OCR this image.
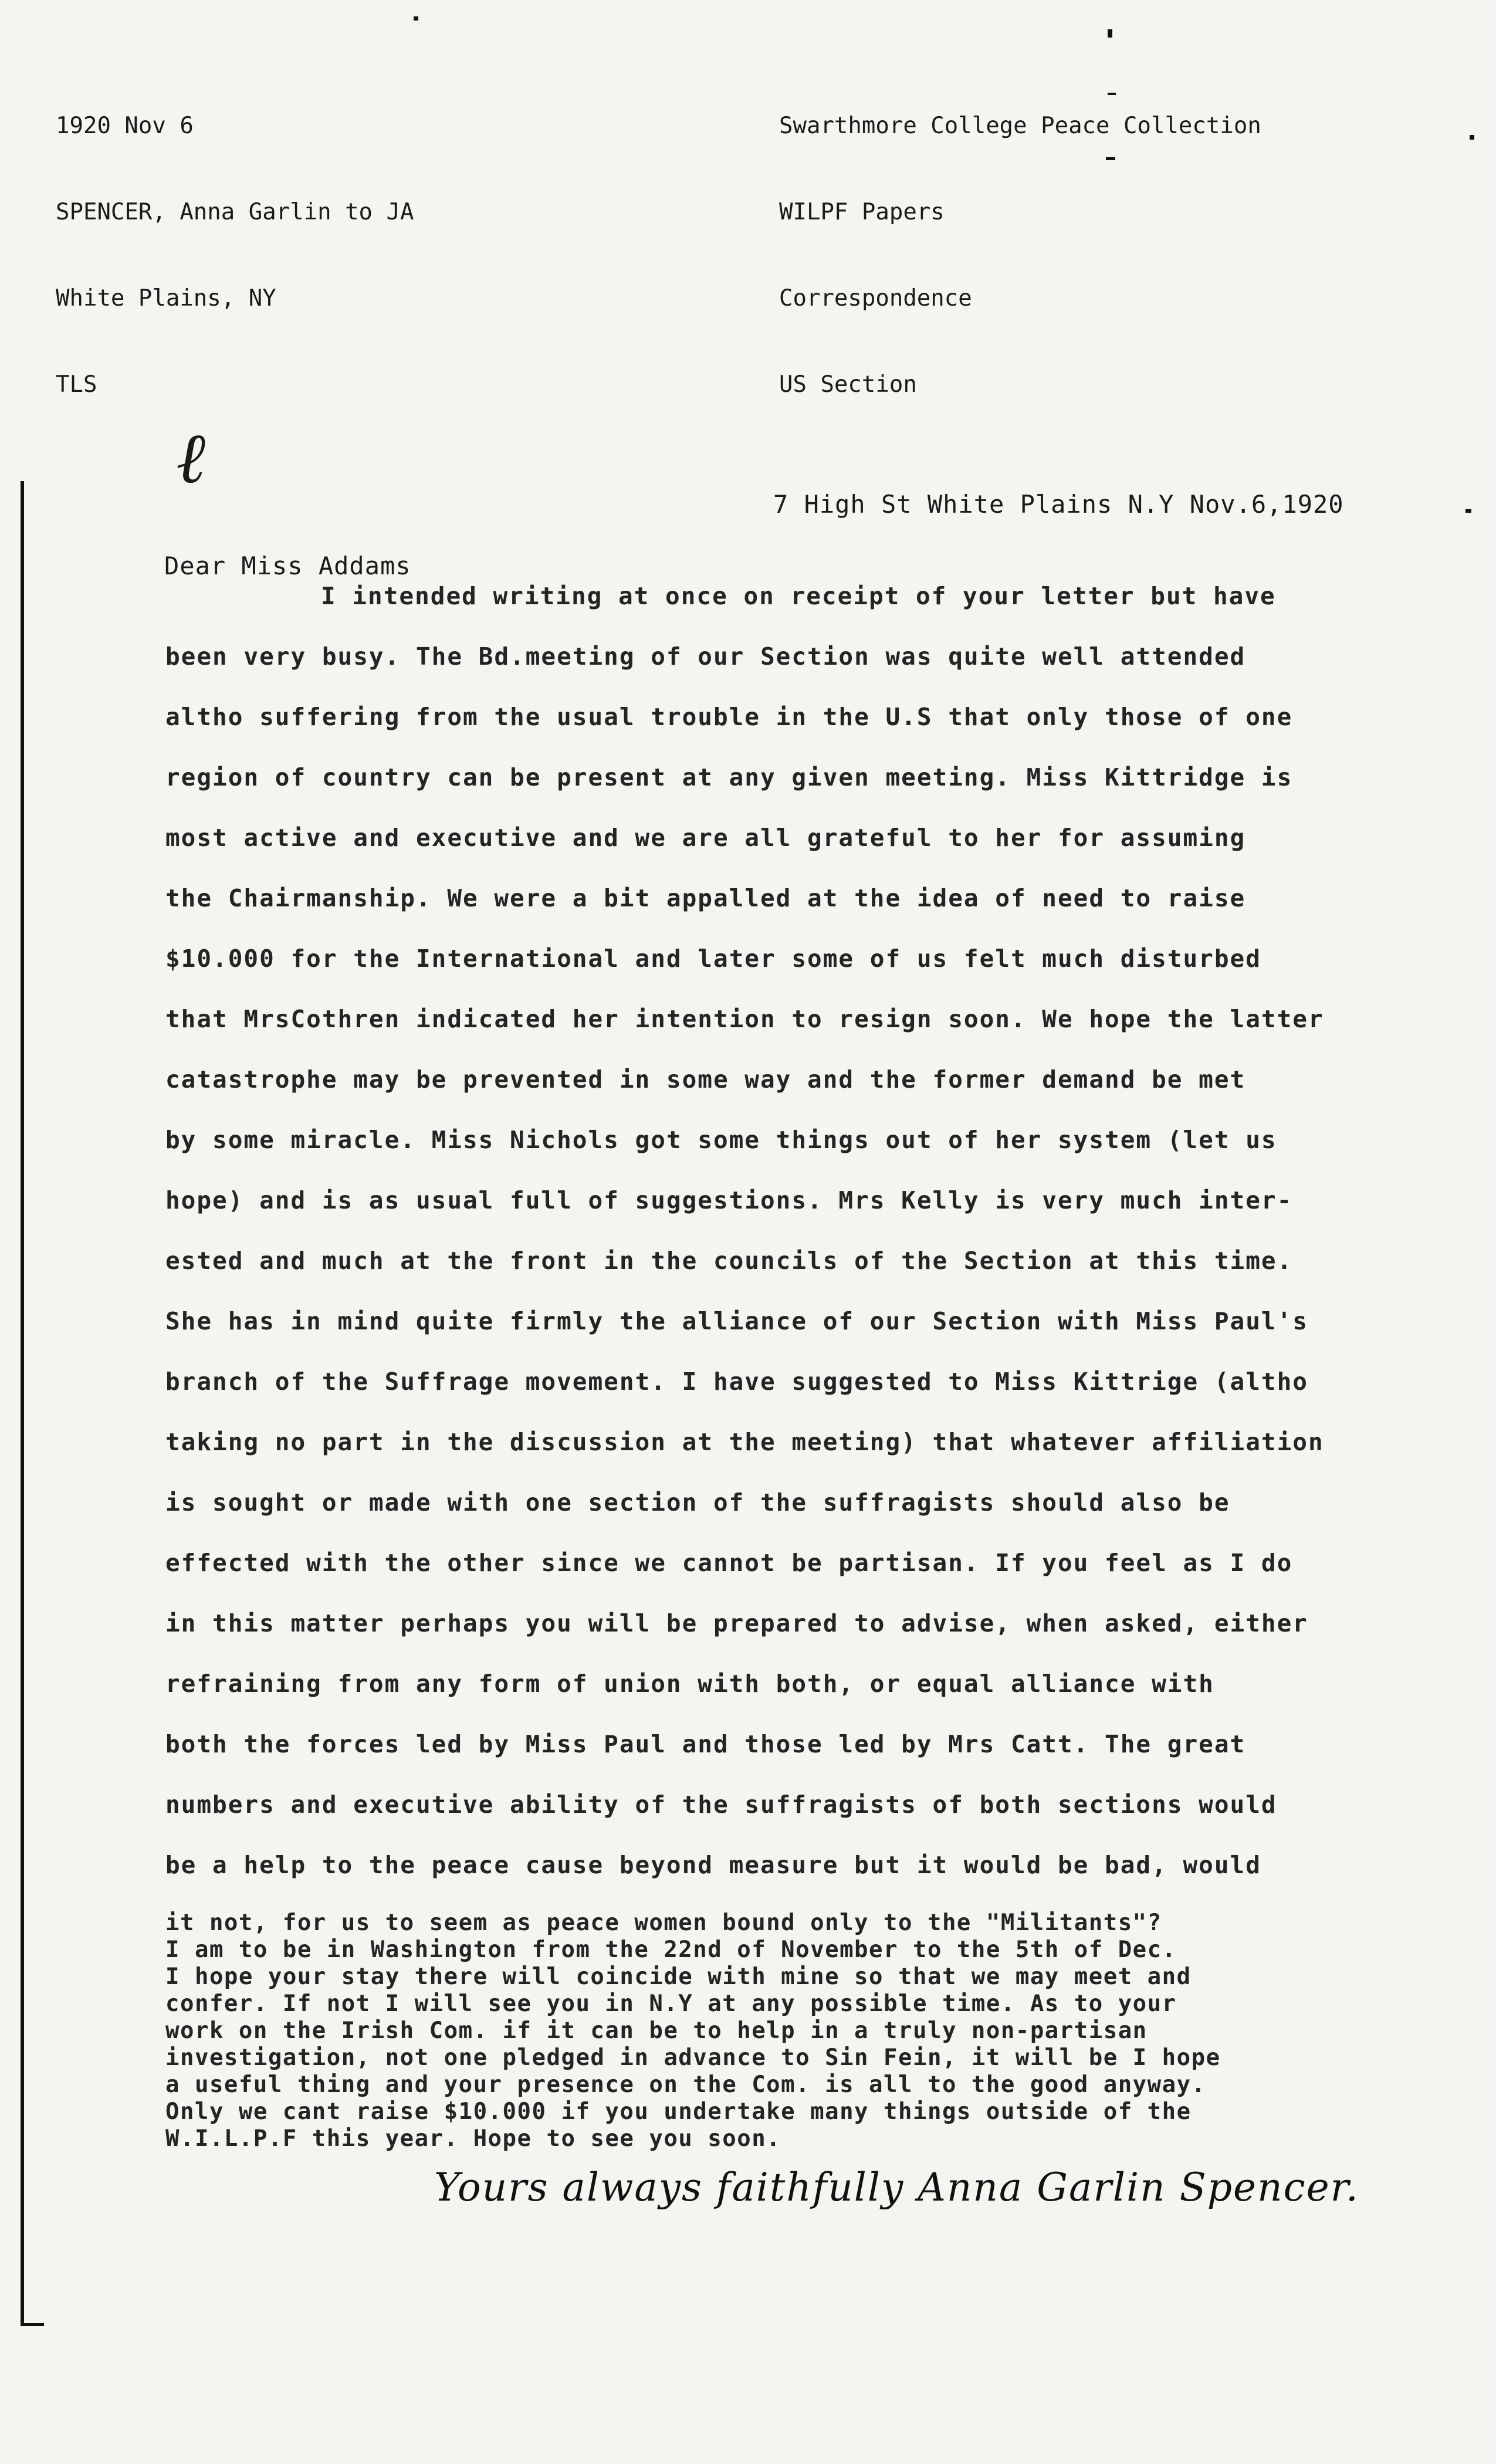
1920 Nov 6

SPENCER, Anna Garlin to JA

White Plains, NY

TLS

Swarthmore College Peace Collection

WILPF Papers

Correspondence

US Section

ℓ
7 High St White Plains N.Y Nov.6,1920
Dear Miss Addams
I intended writing at once on receipt of your letter but have
been very busy. The Bd.meeting of our Section was quite well attended
altho suffering from the usual trouble in the U.S that only those of one
region of country can be present at any given meeting. Miss Kittridge is
most active and executive and we are all grateful to her for assuming
the Chairmanship. We were a bit appalled at the idea of need to raise
$10.000 for the International and later some of us felt much disturbed
that MrsCothren indicated her intention to resign soon. We hope the latter
catastrophe may be prevented in some way and the former demand be met
by some miracle. Miss Nichols got some things out of her system (let us
hope) and is as usual full of suggestions. Mrs Kelly is very much inter-
ested and much at the front in the councils of the Section at this time.
She has in mind quite firmly the alliance of our Section with Miss Paul's
branch of the Suffrage movement. I have suggested to Miss Kittrige (altho
taking no part in the discussion at the meeting) that whatever affiliation
is sought or made with one section of the suffragists should also be
effected with the other since we cannot be partisan. If you feel as I do
in this matter perhaps you will be prepared to advise, when asked, either
refraining from any form of union with both, or equal alliance with
both the forces led by Miss Paul and those led by Mrs Catt. The great
numbers and executive ability of the suffragists of both sections would
be a help to the peace cause beyond measure but it would be bad, would
it not, for us to seem as peace women bound only to the "Militants"?
I am to be in Washington from the 22nd of November to the 5th of Dec.
I hope your stay there will coincide with mine so that we may meet and
confer. If not I will see you in N.Y at any possible time. As to your
work on the Irish Com. if it can be to help in a truly non-partisan
investigation, not one pledged in advance to Sin Fein, it will be I hope
a useful thing and your presence on the Com. is all to the good anyway.
Only we cant raise $10.000 if you undertake many things outside of the
W.I.L.P.F this year. Hope to see you soon.
Yours always faithfully Anna Garlin Spencer.
